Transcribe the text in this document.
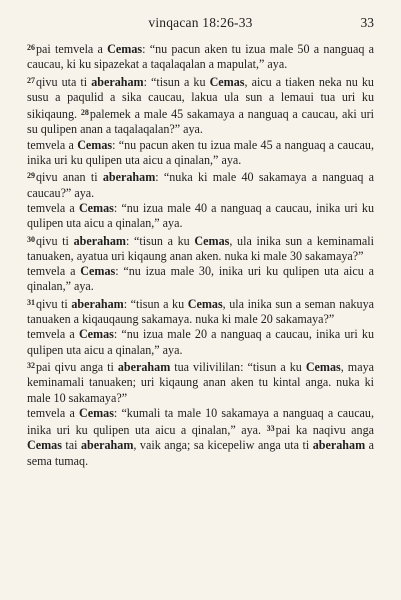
vinqacan 18:26-33	33

$^{26}$pai temvela a Cemas: “nu pacun aken tu izua male 50 a nanguaq a caucau, ki ku sipazekat a taqalaqalan a mapulat,” aya.

$^{27}$qivu uta ti aberaham: “tisun a ku Cemas, aicu a tiaken neka nu ku susu a paqulid a sika caucau, lakua ula sun a lemaui tua uri ku sikiqaung. $^{28}$palemek a male 45 sakamaya a nanguaq a caucau, aki uri su qulipen anan a taqalaqalan?” aya.

temvela a Cemas: “nu pacun aken tu izua male 45 a nanguaq a caucau, inika uri ku qulipen uta aicu a qinalan,” aya.

$^{29}$qivu anan ti aberaham: “nuka ki male 40 sakamaya a nanguaq a caucau?” aya.

temvela a Cemas: “nu izua male 40 a nanguaq a caucau, inika uri ku qulipen uta aicu a qinalan,” aya.

$^{30}$qivu ti aberaham: “tisun a ku Cemas, ula inika sun a keminamali tanuaken, ayatua uri kiqaung anan aken. nuka ki male 30 sakamaya?”

temvela a Cemas: “nu izua male 30, inika uri ku qulipen uta aicu a qinalan,” aya.

$^{31}$qivu ti aberaham: “tisun a ku Cemas, ula inika sun a seman nakuya tanuaken a kiqauqaung sakamaya. nuka ki male 20 sakamaya?”

temvela a Cemas: “nu izua male 20 a nanguaq a caucau, inika uri ku qulipen uta aicu a qinalan,” aya.

$^{32}$pai qivu anga ti aberaham tua vilivililan: “tisun a ku Cemas, maya keminamali tanuaken; uri kiqaung anan aken tu kintal anga. nuka ki male 10 sakamaya?”

temvela a Cemas: “kumali ta male 10 sakamaya a nanguaq a caucau, inika uri ku qulipen uta aicu a qinalan,” aya. $^{33}$pai ka naqivu anga Cemas tai aberaham, vaik anga; sa kicepeliw anga uta ti aberaham a sema tumaq.
